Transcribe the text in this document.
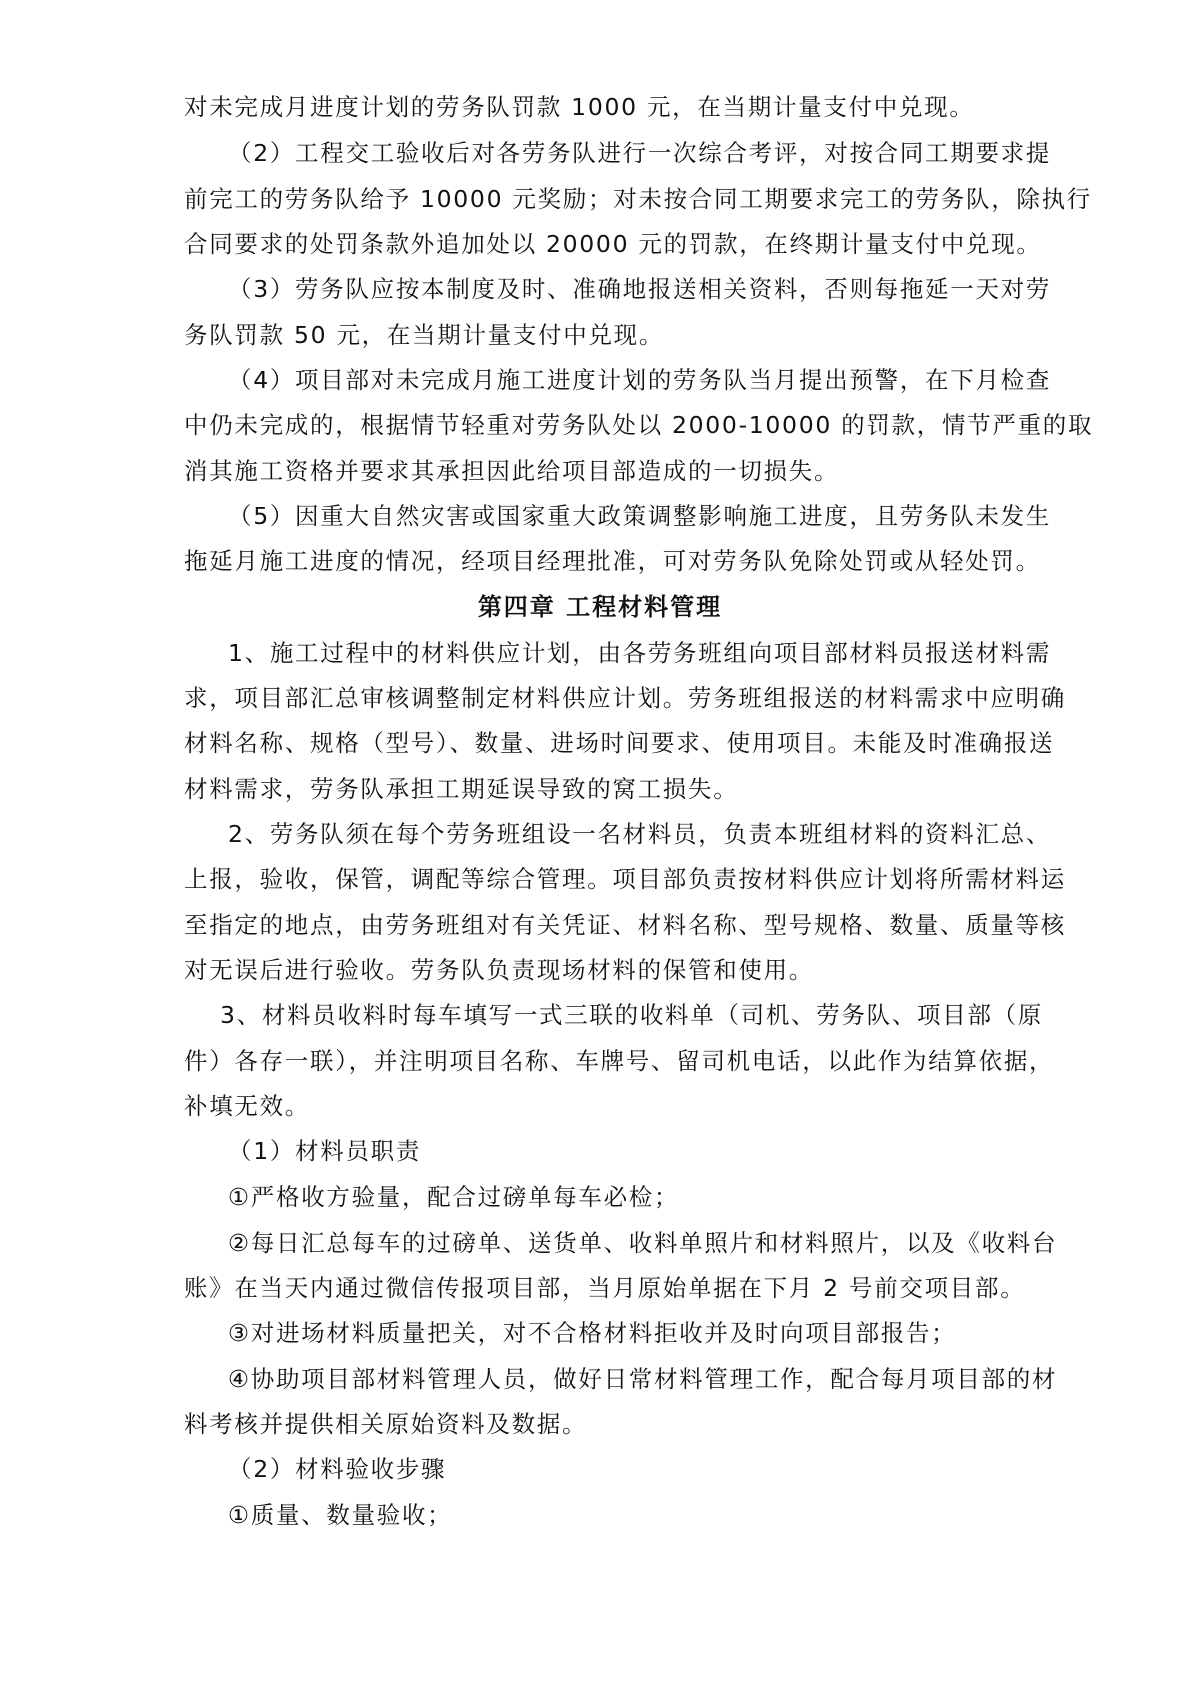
对未完成月进度计划的劳务队罚款 1000 元，在当期计量支付中兑现。
（2）工程交工验收后对各劳务队进行一次综合考评，对按合同工期要求提
前完工的劳务队给予 10000 元奖励；对未按合同工期要求完工的劳务队，除执行
合同要求的处罚条款外追加处以 20000 元的罚款，在终期计量支付中兑现。
（3）劳务队应按本制度及时、准确地报送相关资料，否则每拖延一天对劳
务队罚款 50 元，在当期计量支付中兑现。
（4）项目部对未完成月施工进度计划的劳务队当月提出预警，在下月检查
中仍未完成的，根据情节轻重对劳务队处以 2000-10000 的罚款，情节严重的取
消其施工资格并要求其承担因此给项目部造成的一切损失。
（5）因重大自然灾害或国家重大政策调整影响施工进度，且劳务队未发生
拖延月施工进度的情况，经项目经理批准，可对劳务队免除处罚或从轻处罚。
第四章 工程材料管理
1、施工过程中的材料供应计划，由各劳务班组向项目部材料员报送材料需
求，项目部汇总审核调整制定材料供应计划。劳务班组报送的材料需求中应明确
材料名称、规格（型号）、数量、进场时间要求、使用项目。未能及时准确报送
材料需求，劳务队承担工期延误导致的窝工损失。
2、劳务队须在每个劳务班组设一名材料员，负责本班组材料的资料汇总、
上报，验收，保管，调配等综合管理。项目部负责按材料供应计划将所需材料运
至指定的地点，由劳务班组对有关凭证、材料名称、型号规格、数量、质量等核
对无误后进行验收。劳务队负责现场材料的保管和使用。
3、材料员收料时每车填写一式三联的收料单（司机、劳务队、项目部（原
件）各存一联），并注明项目名称、车牌号、留司机电话，以此作为结算依据，
补填无效。
（1）材料员职责
①严格收方验量，配合过磅单每车必检；
②每日汇总每车的过磅单、送货单、收料单照片和材料照片，以及《收料台
账》在当天内通过微信传报项目部，当月原始单据在下月 2 号前交项目部。
③对进场材料质量把关，对不合格材料拒收并及时向项目部报告；
④协助项目部材料管理人员，做好日常材料管理工作，配合每月项目部的材
料考核并提供相关原始资料及数据。
（2）材料验收步骤
①质量、数量验收；
